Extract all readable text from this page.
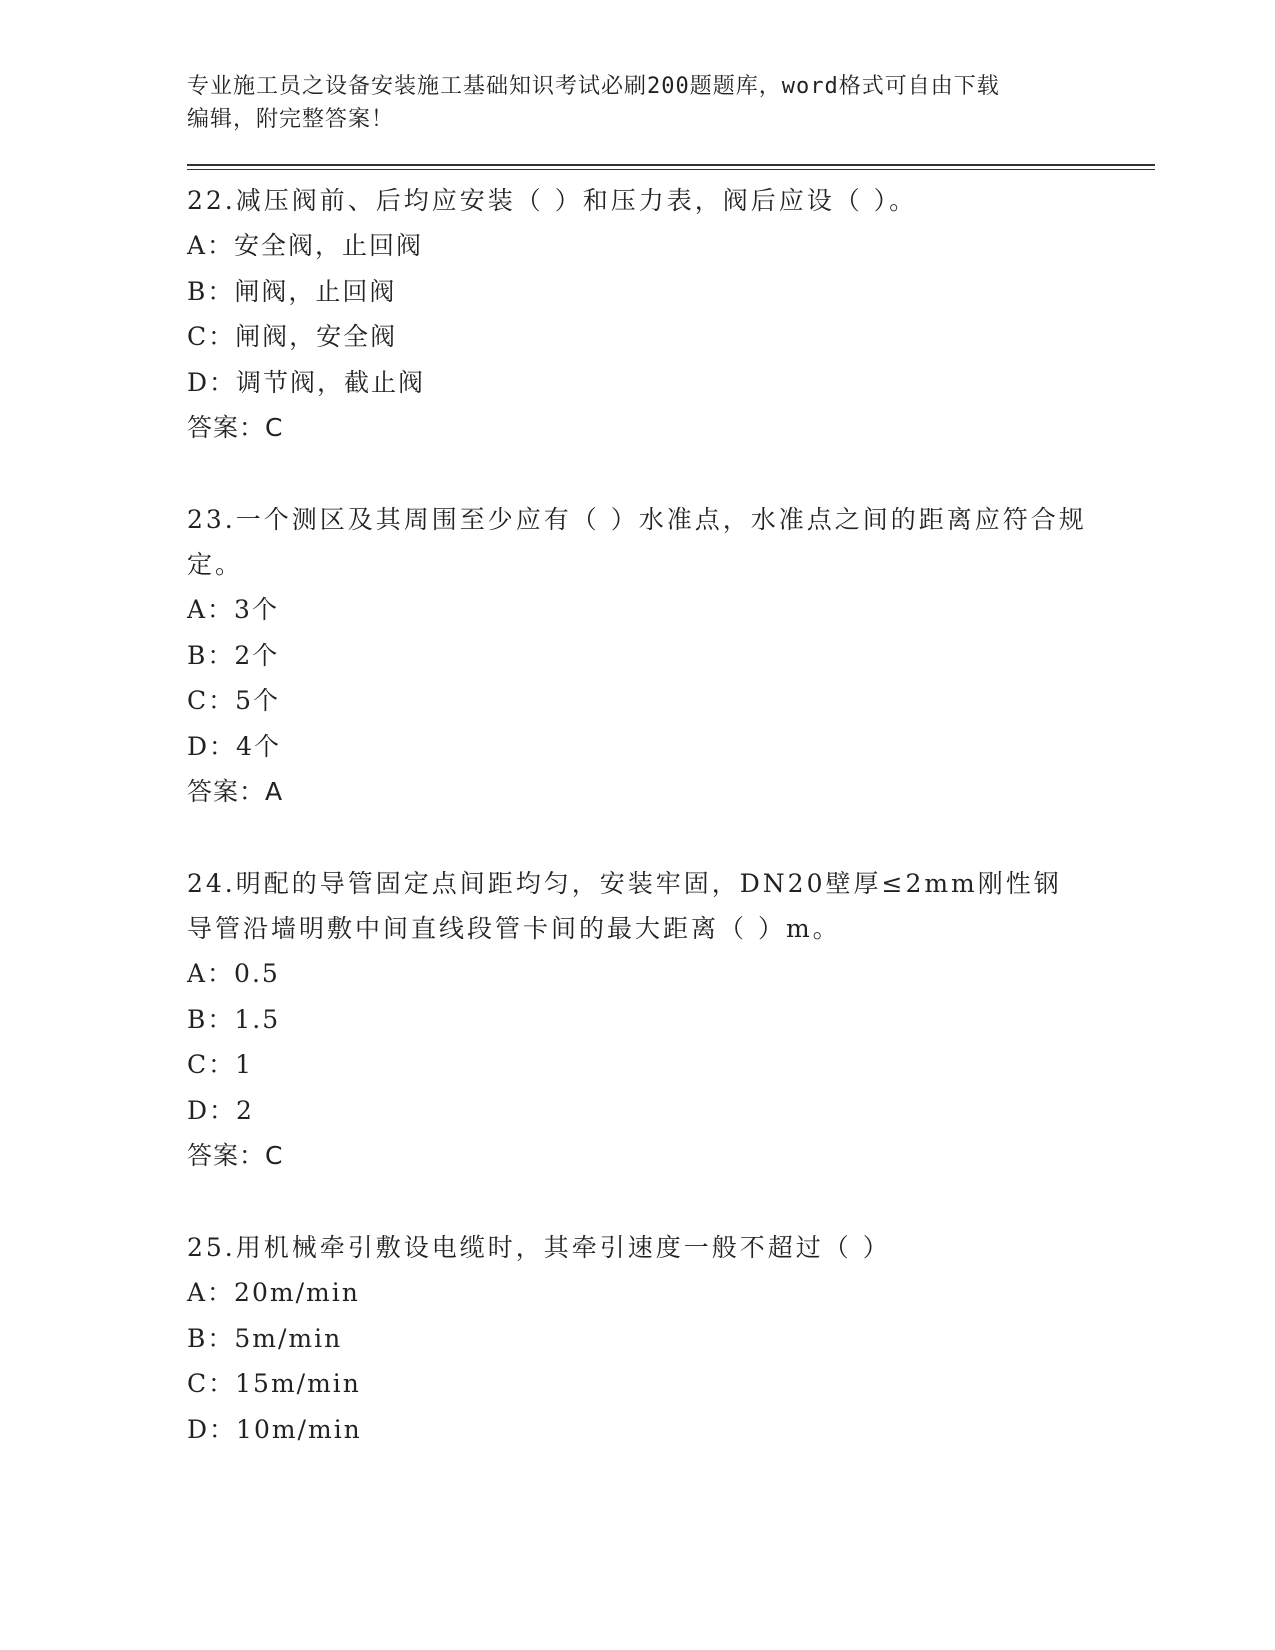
专业施工员之设备安装施工基础知识考试必刷200题题库，word格式可自由下载
编辑，附完整答案！
22.减压阀前、后均应安装（ ）和压力表，阀后应设（ ）。
A：安全阀，止回阀
B：闸阀，止回阀
C：闸阀，安全阀
D：调节阀，截止阀
答案：C
23.一个测区及其周围至少应有（ ）水准点，水准点之间的距离应符合规定。
A：3个
B：2个
C：5个
D：4个
答案：A
24.明配的导管固定点间距均匀，安装牢固，DN20壁厚≤2mm刚性钢导管沿墙明敷中间直线段管卡间的最大距离（ ）m。
A：0.5
B：1.5
C：1
D：2
答案：C
25.用机械牵引敷设电缆时，其牵引速度一般不超过（ ）
A：20m/min
B：5m/min
C：15m/min
D：10m/min
